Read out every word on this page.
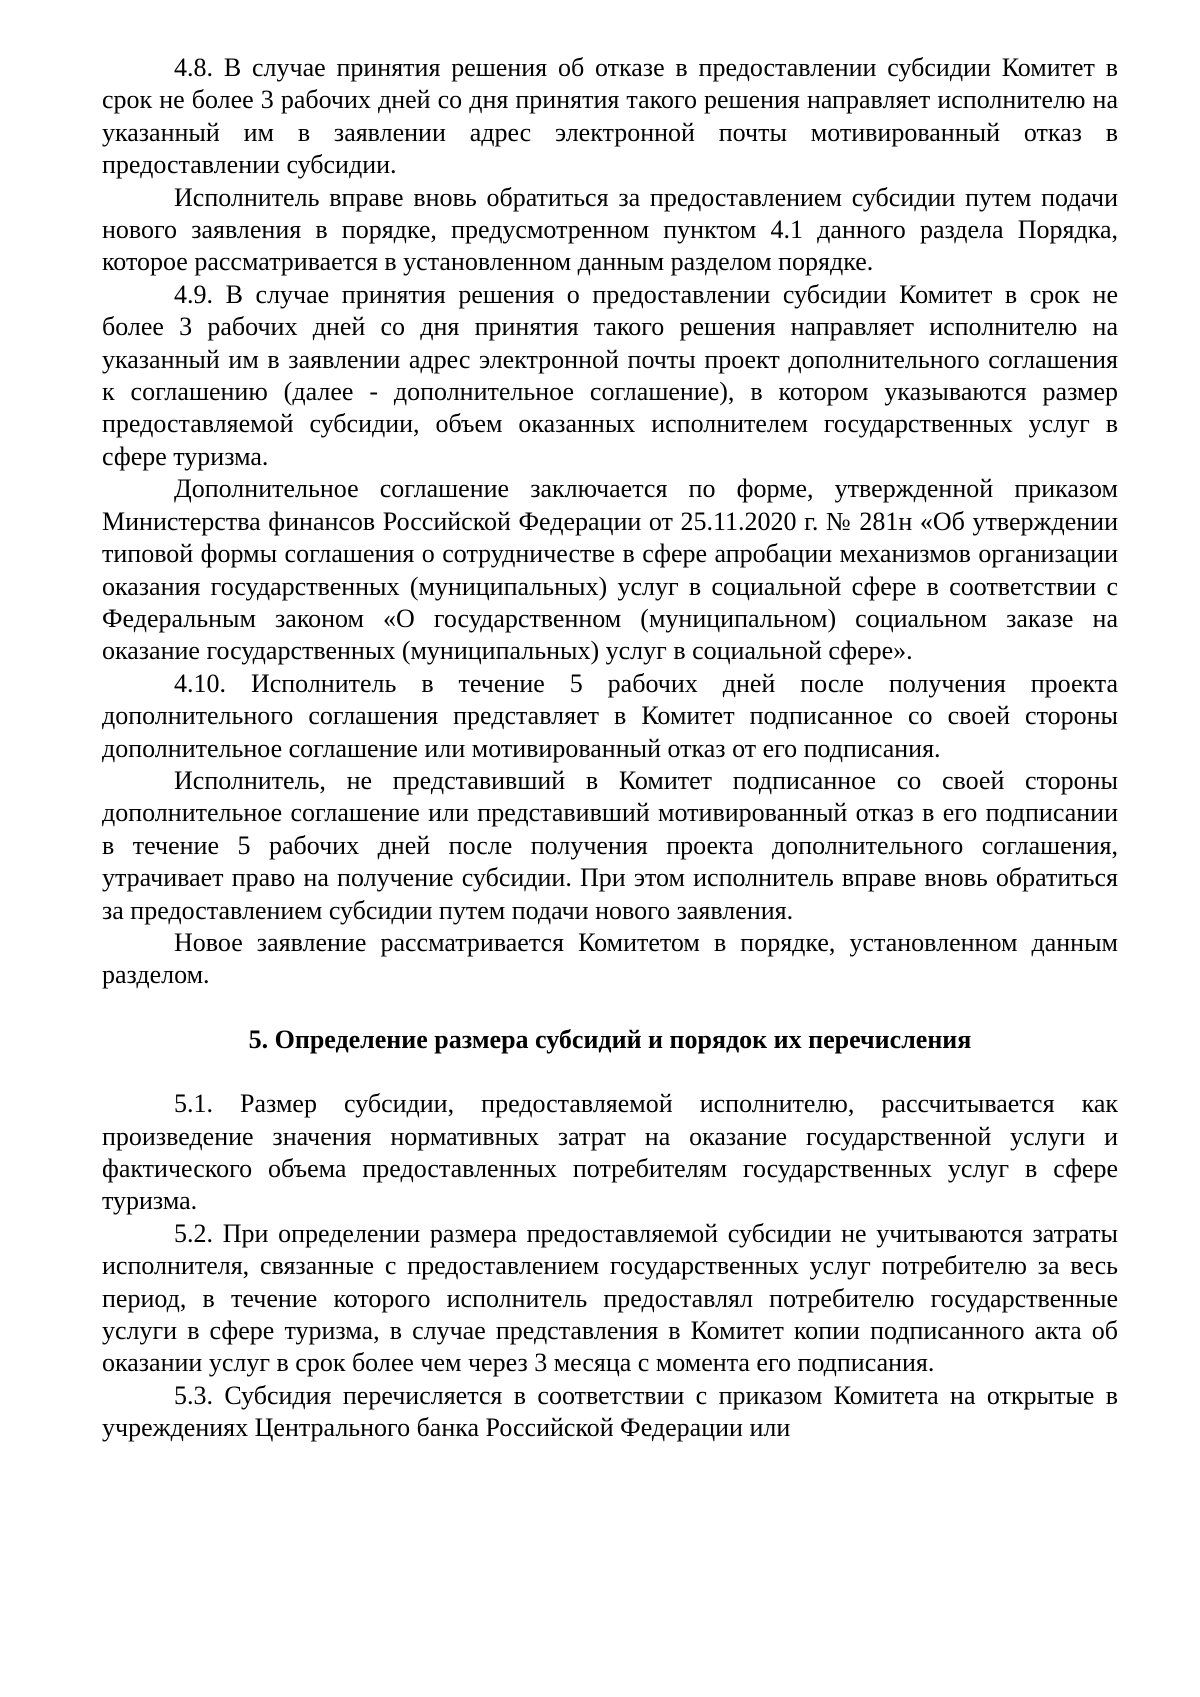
4.8. В случае принятия решения об отказе в предоставлении субсидии Комитет в срок не более 3 рабочих дней со дня принятия такого решения направляет исполнителю на указанный им в заявлении адрес электронной почты мотивированный отказ в предоставлении субсидии.

Исполнитель вправе вновь обратиться за предоставлением субсидии путем подачи нового заявления в порядке, предусмотренном пунктом 4.1 данного раздела Порядка, которое рассматривается в установленном данным разделом порядке.

4.9. В случае принятия решения о предоставлении субсидии Комитет в срок не более 3 рабочих дней со дня принятия такого решения направляет исполнителю на указанный им в заявлении адрес электронной почты проект дополнительного соглашения к соглашению (далее - дополнительное соглашение), в котором указываются размер предоставляемой субсидии, объем оказанных исполнителем государственных услуг в сфере туризма.

Дополнительное соглашение заключается по форме, утвержденной приказом Министерства финансов Российской Федерации от 25.11.2020 г. № 281н «Об утверждении типовой формы соглашения о сотрудничестве в сфере апробации механизмов организации оказания государственных (муниципальных) услуг в социальной сфере в соответствии с Федеральным законом «О государственном (муниципальном) социальном заказе на оказание государственных (муниципальных) услуг в социальной сфере».

4.10. Исполнитель в течение 5 рабочих дней после получения проекта дополнительного соглашения представляет в Комитет подписанное со своей стороны дополнительное соглашение или мотивированный отказ от его подписания.

Исполнитель, не представивший в Комитет подписанное со своей стороны дополнительное соглашение или представивший мотивированный отказ в его подписании в течение 5 рабочих дней после получения проекта дополнительного соглашения, утрачивает право на получение субсидии. При этом исполнитель вправе вновь обратиться за предоставлением субсидии путем подачи нового заявления.

Новое заявление рассматривается Комитетом в порядке, установленном данным разделом.

5. Определение размера субсидий и порядок их перечисления

5.1. Размер субсидии, предоставляемой исполнителю, рассчитывается как произведение значения нормативных затрат на оказание государственной услуги и фактического объема предоставленных потребителям государственных услуг в сфере туризма.

5.2. При определении размера предоставляемой субсидии не учитываются затраты исполнителя, связанные с предоставлением государственных услуг потребителю за весь период, в течение которого исполнитель предоставлял потребителю государственные услуги в сфере туризма, в случае представления в Комитет копии подписанного акта об оказании услуг в срок более чем через 3 месяца с момента его подписания.

5.3. Субсидия перечисляется в соответствии с приказом Комитета на открытые в учреждениях Центрального банка Российской Федерации или
